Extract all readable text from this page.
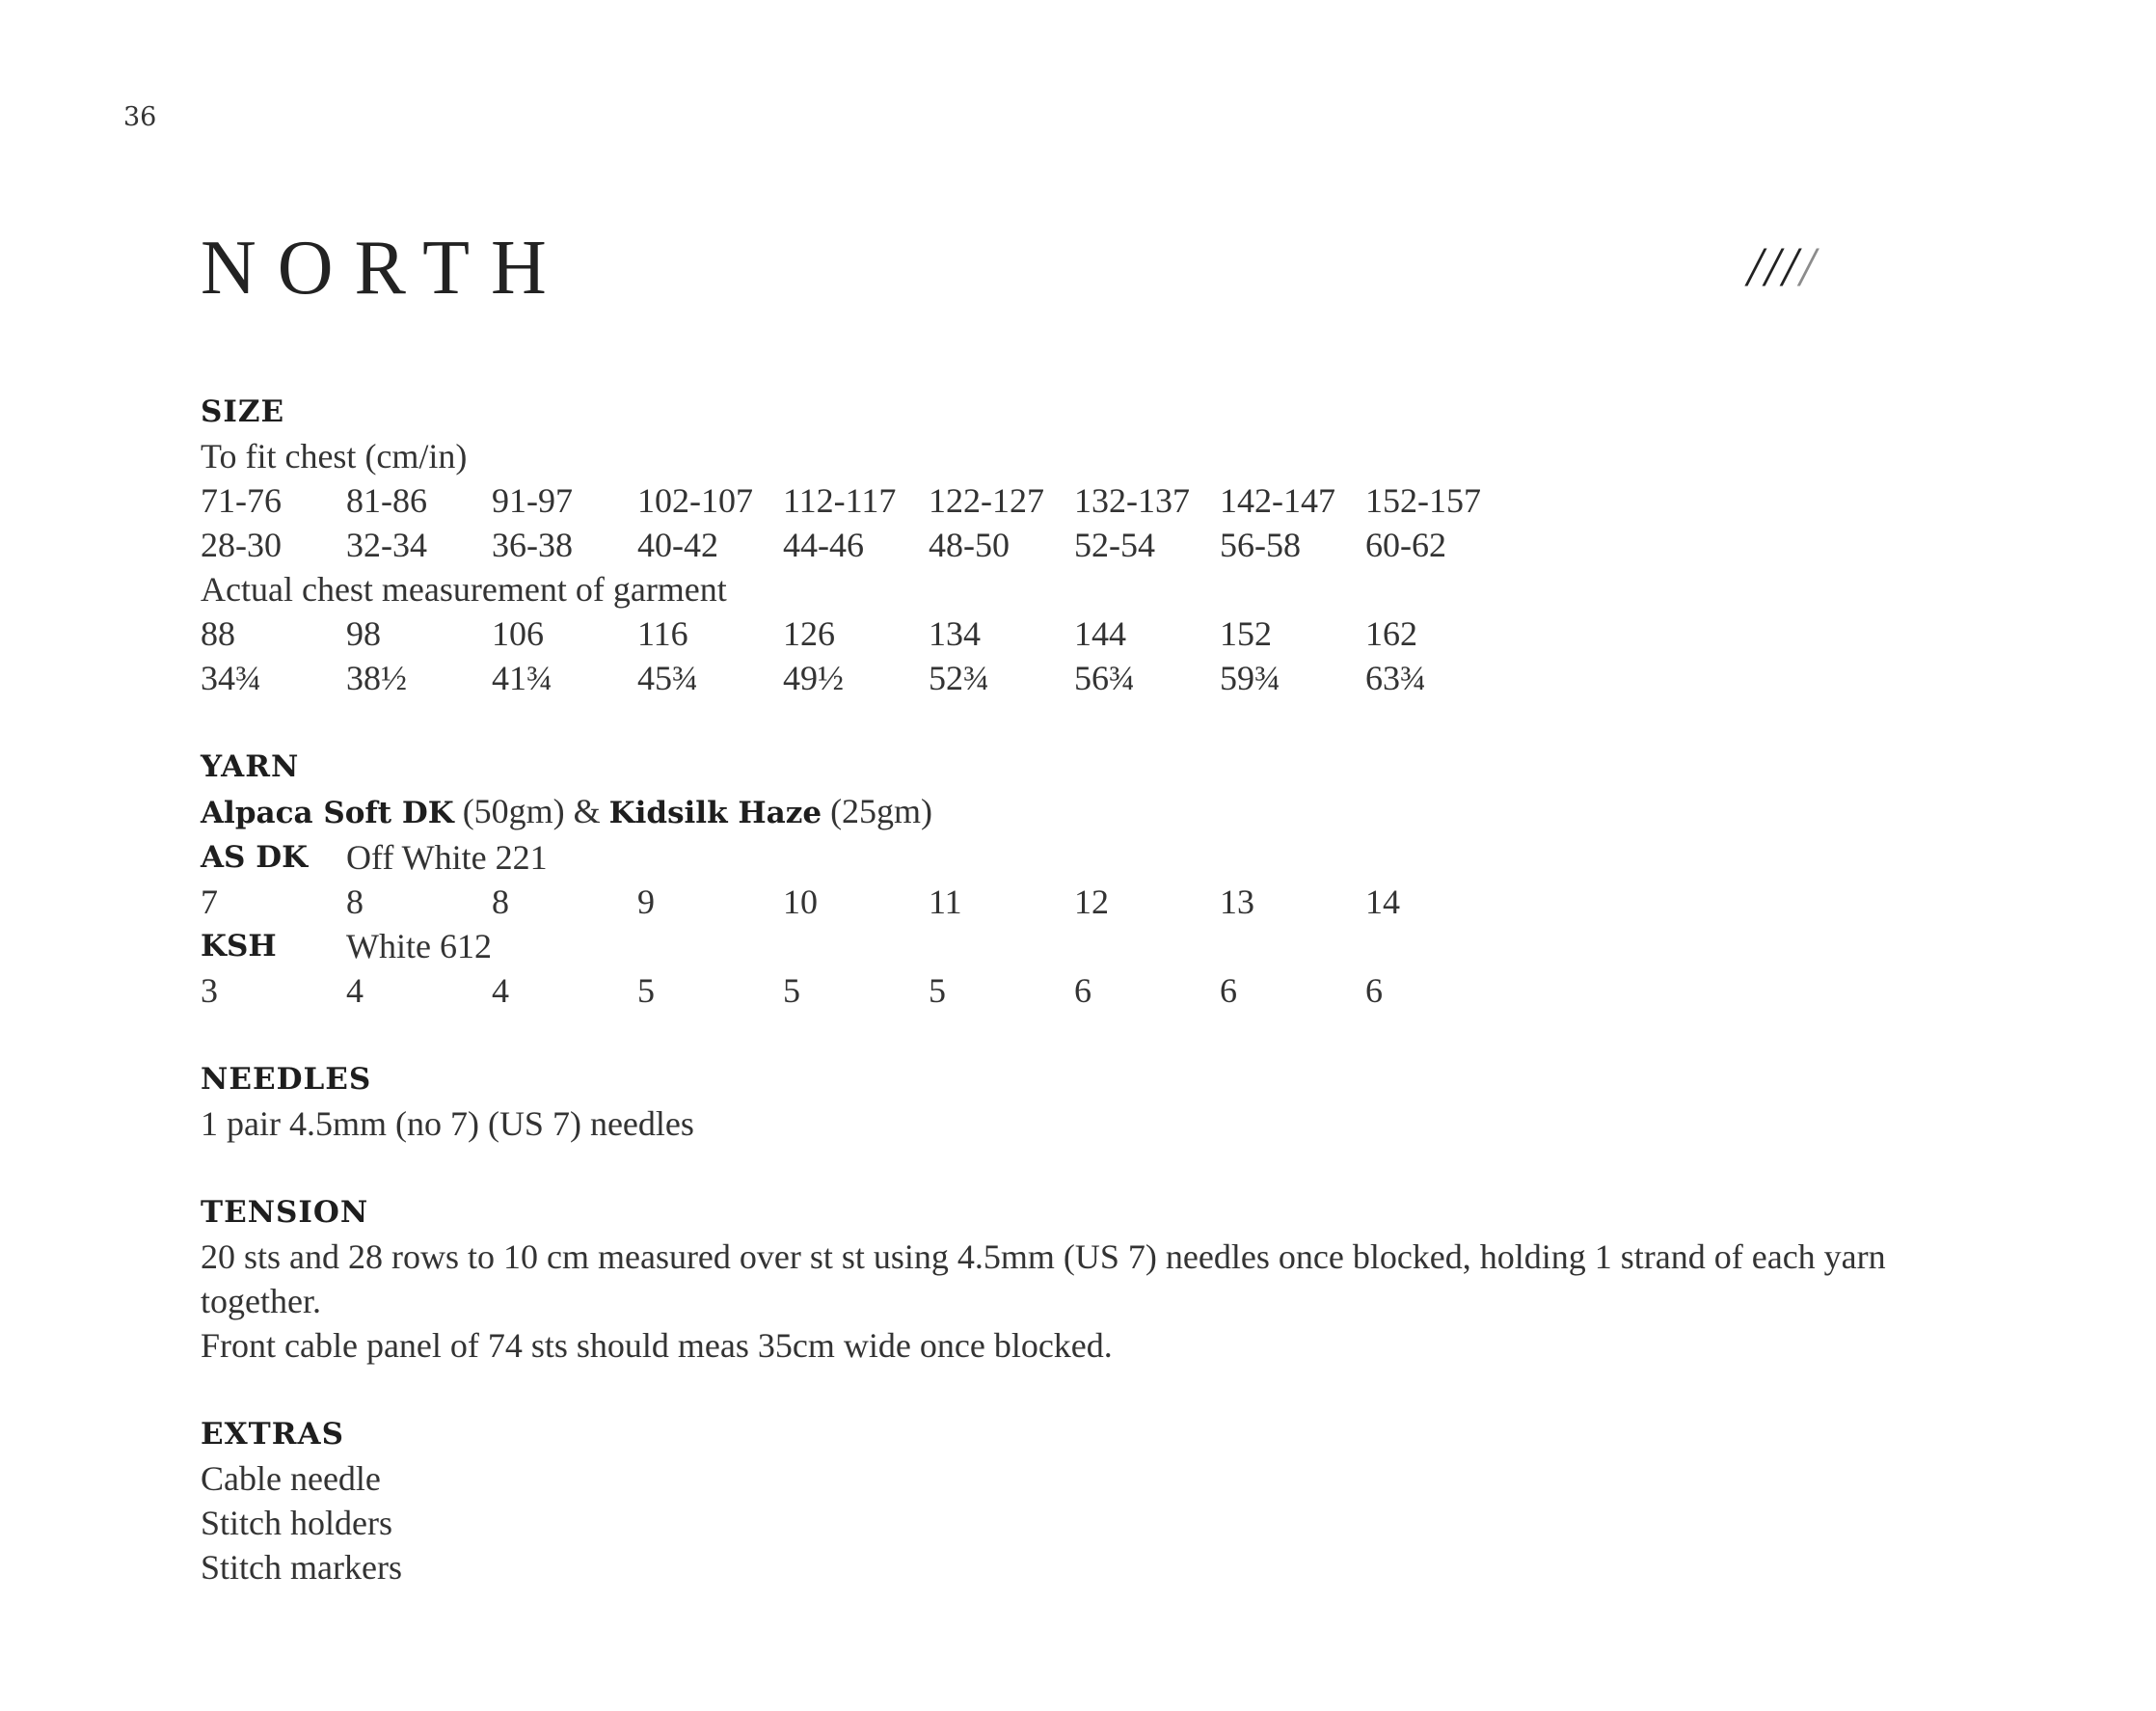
36
NORTH	////
SIZE
To fit chest (cm/in)
71-76	81-86	91-97	102-107 112-117 122-127 132-137 142-147 152-157
28-30	32-34	36-38	40-42	44-46	48-50	52-54	56-58	60-62
Actual chest measurement of garment
88	98	106	116	126	134	144	152	162
34¾	38½	41¾	45¾	49½	52¾	56¾	59¾	63¾
YARN
Alpaca Soft DK (50gm) & Kidsilk Haze (25gm)
AS DK	Off White 221
7	8	8	9	10	11	12	13	14
KSH	White 612
3	4	4	5	5	5	6	6	6
NEEDLES
1 pair 4.5mm (no 7) (US 7) needles
TENSION
20 sts and 28 rows to 10 cm measured over st st using 4.5mm (US 7) needles once blocked, holding 1 strand of each yarn together.
Front cable panel of 74 sts should meas 35cm wide once blocked.
EXTRAS
Cable needle
Stitch holders
Stitch markers
